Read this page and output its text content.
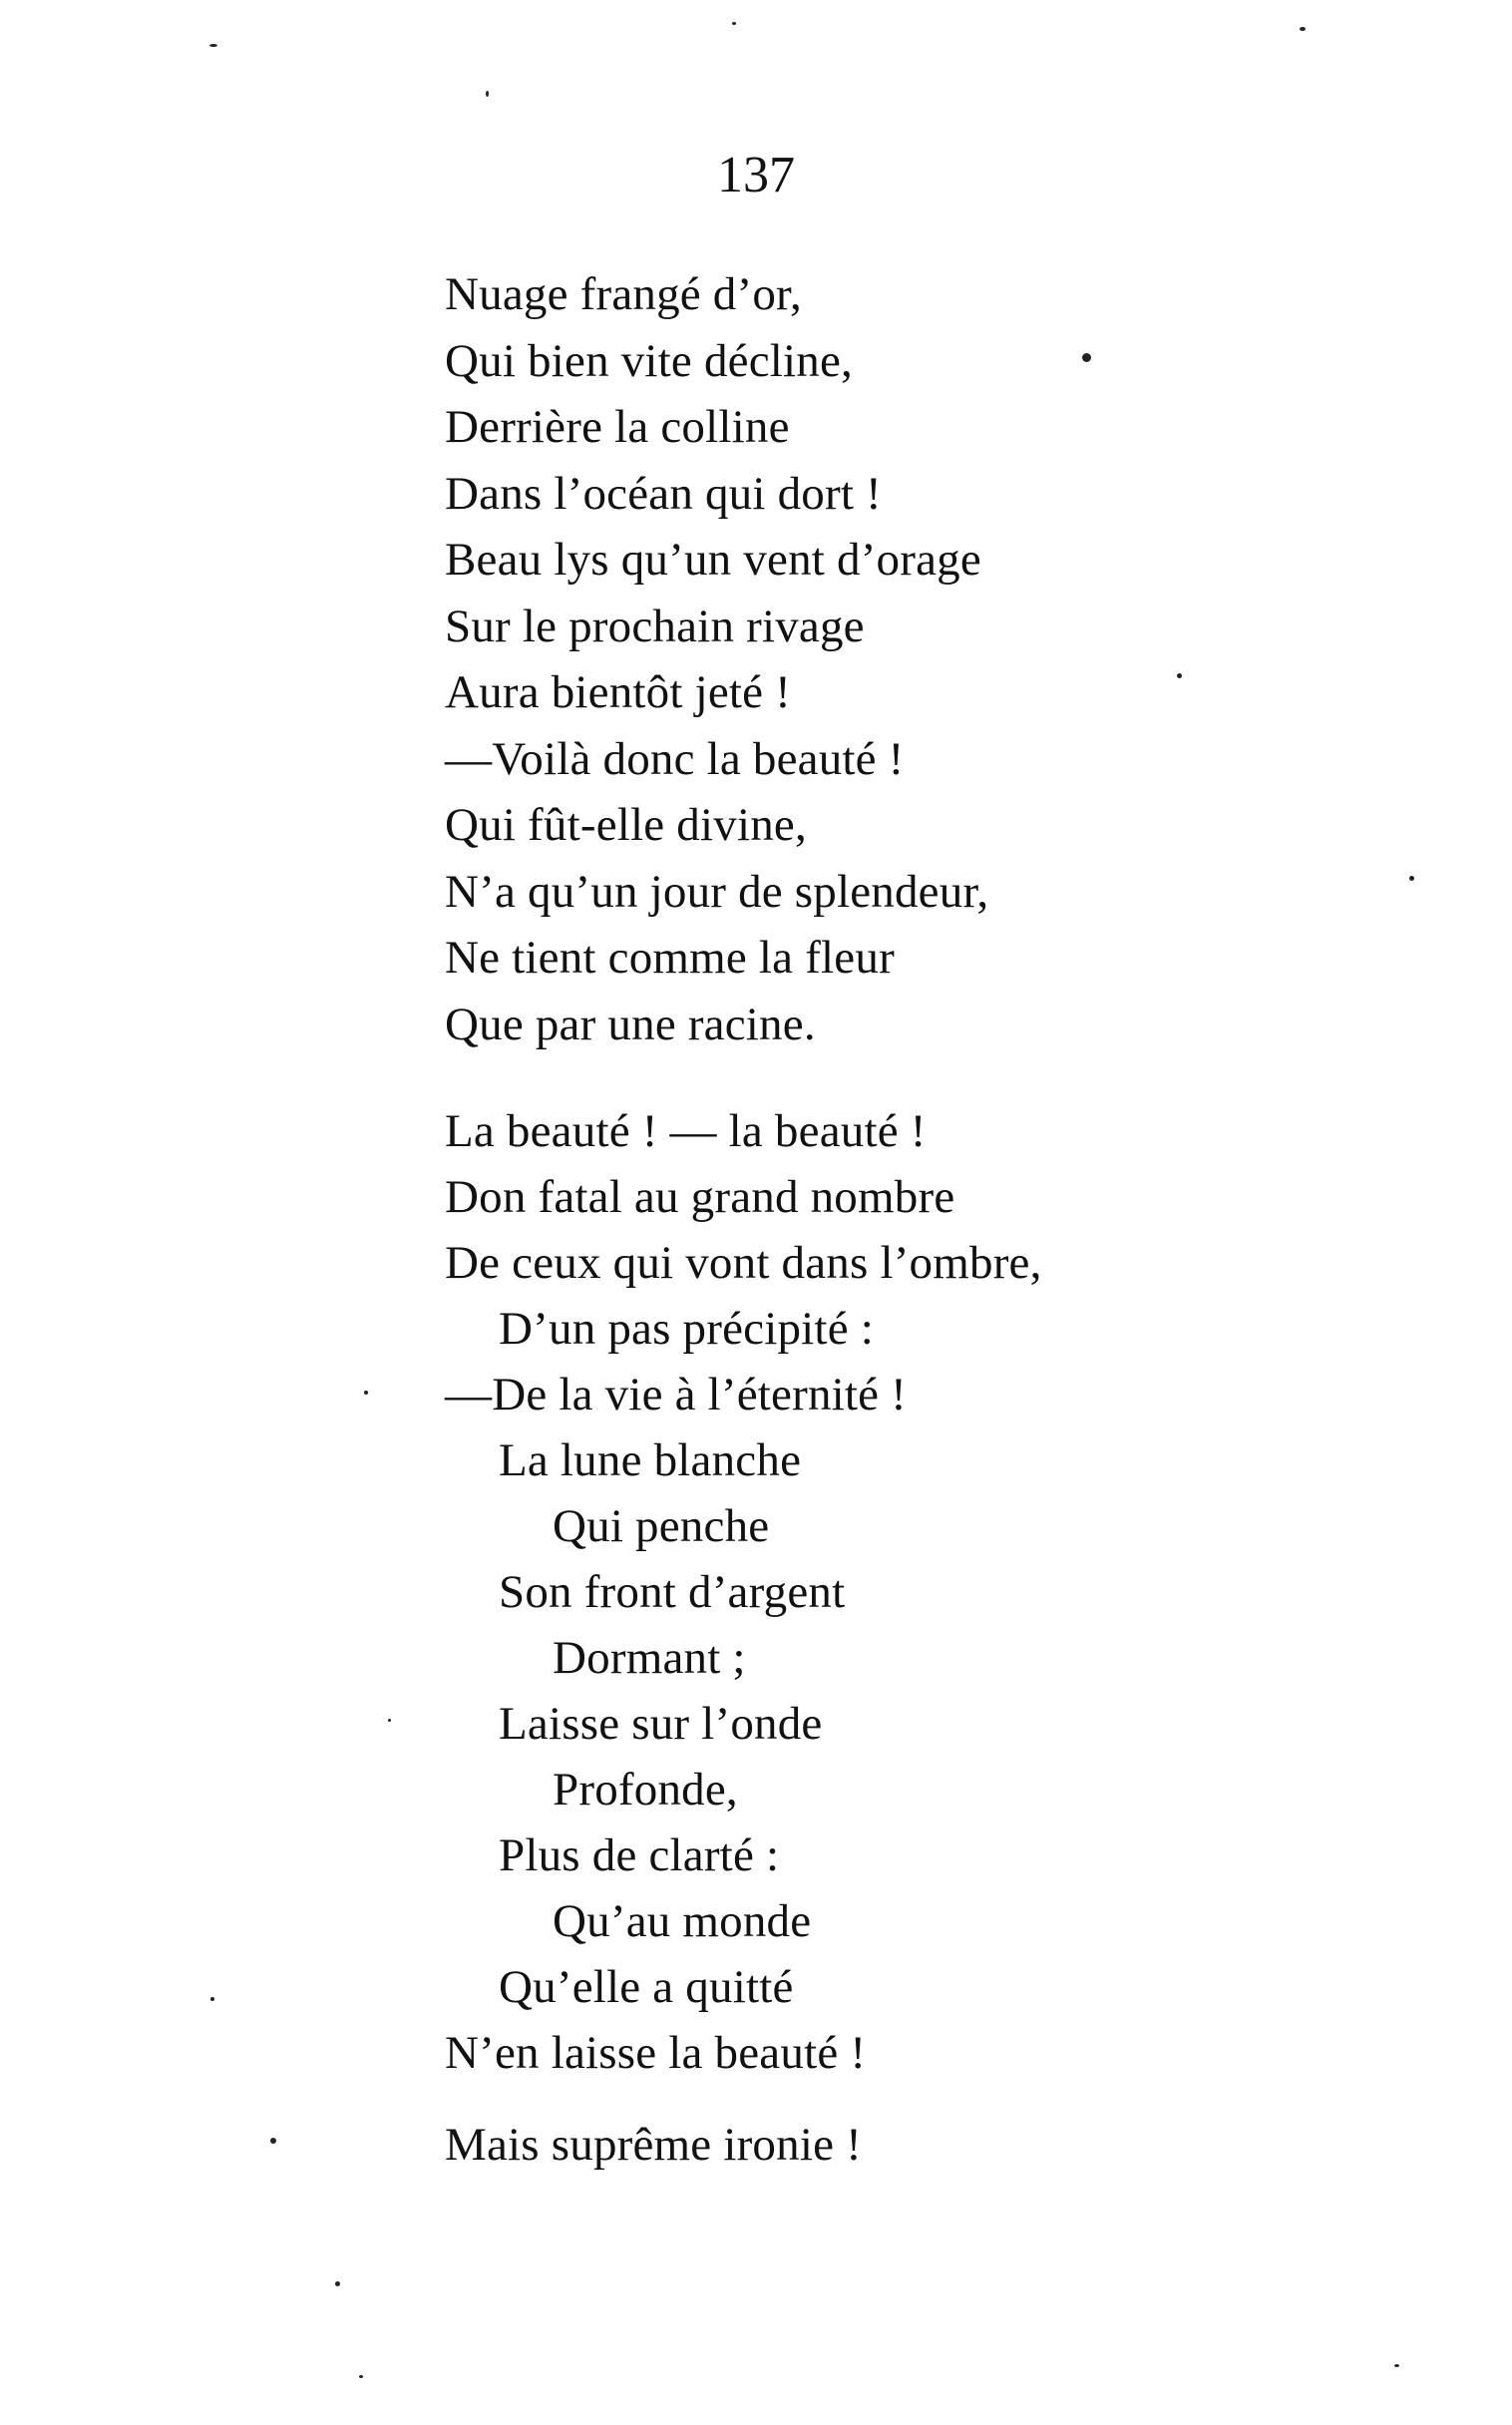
137
Nuage frangé d’or,
Qui bien vite décline,
Derrière la colline
Dans l’océan qui dort !
Beau lys qu’un vent d’orage
Sur le prochain rivage
Aura bientôt jeté !
—Voilà donc la beauté !
Qui fût-elle divine,
N’a qu’un jour de splendeur,
Ne tient comme la fleur
Que par une racine.
La beauté ! — la beauté !
Don fatal au grand nombre
De ceux qui vont dans l’ombre,
D’un pas précipité :
—De la vie à l’éternité !
La lune blanche
Qui penche
Son front d’argent
Dormant ;
Laisse sur l’onde
Profonde,
Plus de clarté :
Qu’au monde
Qu’elle a quitté
N’en laisse la beauté !
Mais suprême ironie !
